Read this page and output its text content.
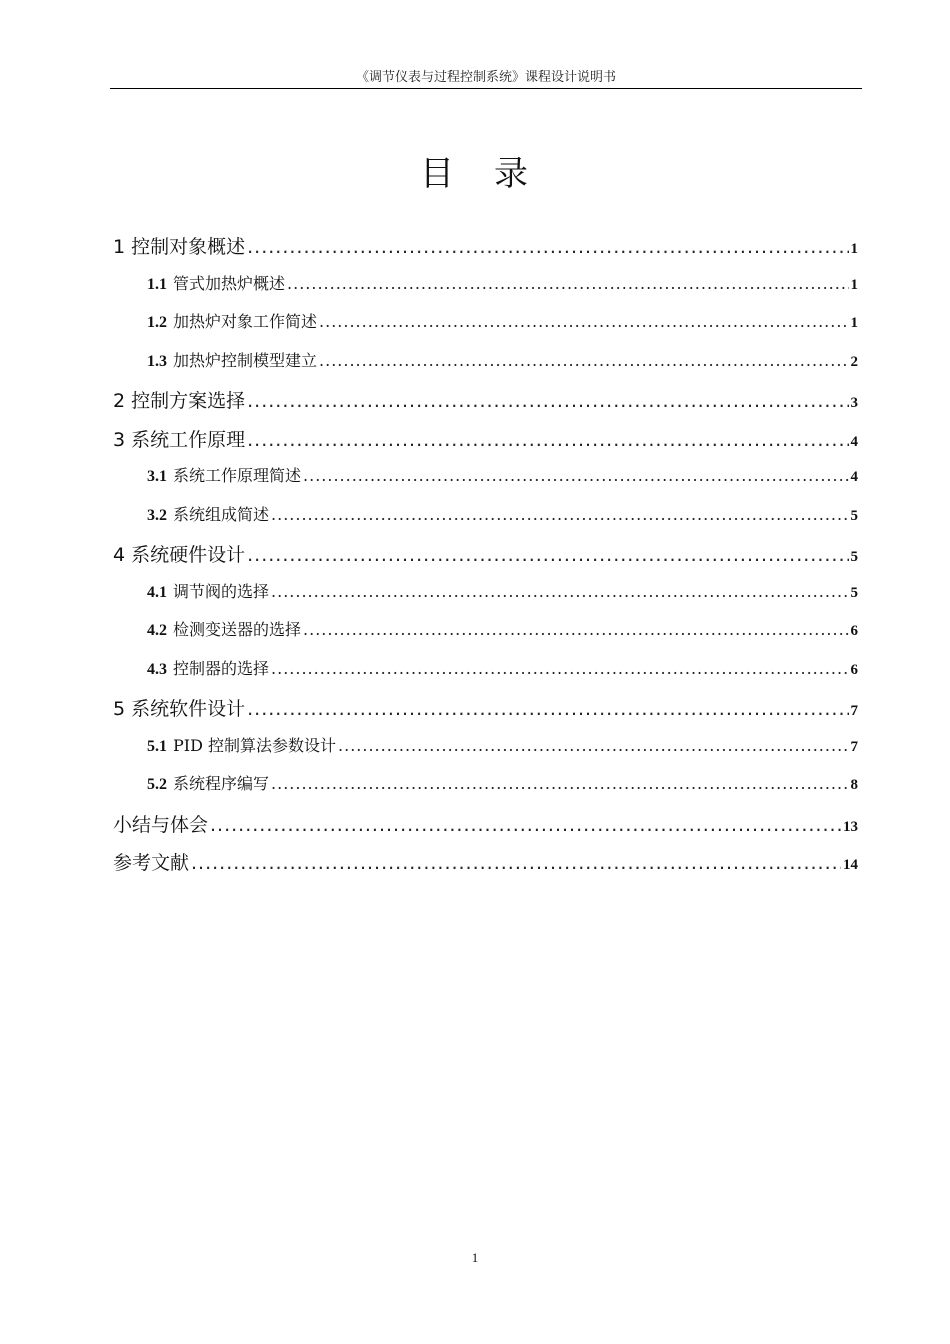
《调节仪表与过程控制系统》课程设计说明书
目 录
1 控制对象概述 .....	1
1.1 管式加热炉概述 .....	1
1.2 加热炉对象工作简述 .....	1
1.3 加热炉控制模型建立 .....	2
2 控制方案选择 .....	3
3 系统工作原理 .....	4
3.1 系统工作原理简述 .....	4
3.2 系统组成简述 .....	5
4 系统硬件设计 .....	5
4.1 调节阀的选择 .....	5
4.2 检测变送器的选择 .....	6
4.3 控制器的选择 .....	6
5 系统软件设计 .....	7
5.1 PID 控制算法参数设计 .....	7
5.2 系统程序编写 .....	8
小结与体会 .....	13
参考文献 .....	14
1
